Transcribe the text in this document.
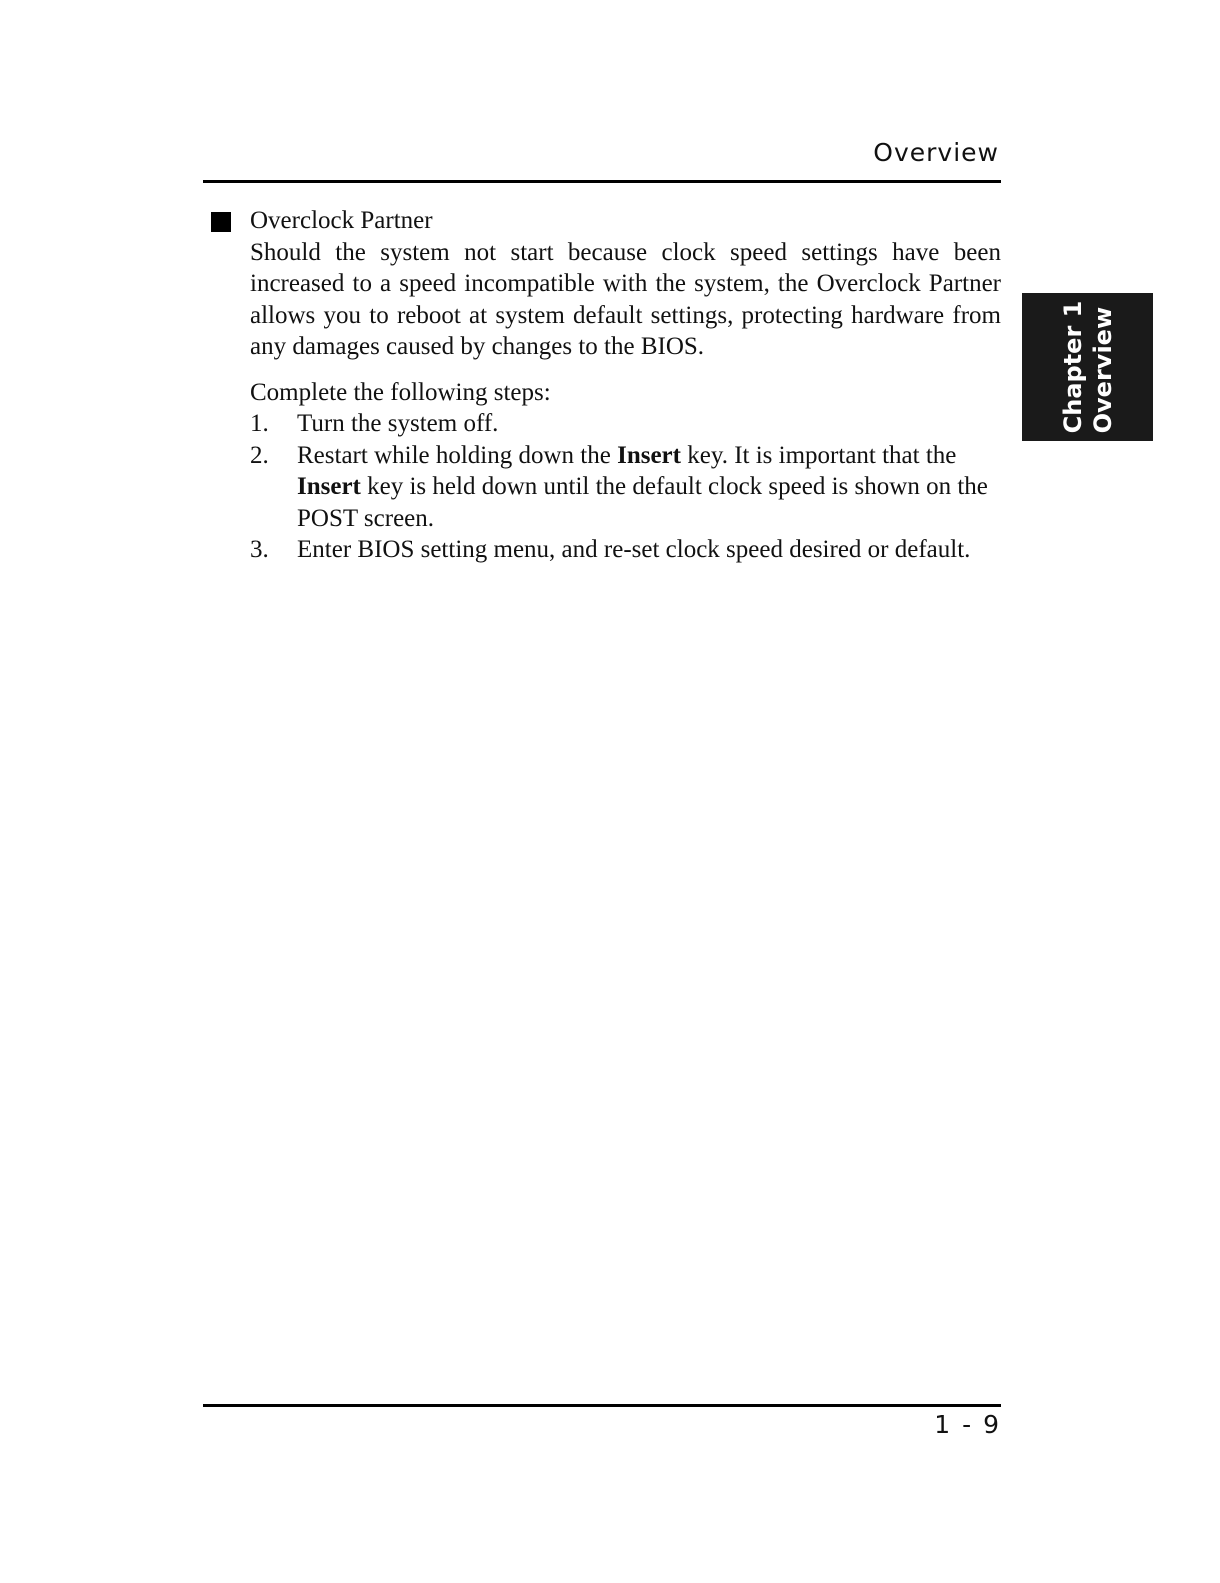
Overview
Chapter 1 Overview
Overclock Partner
Should the system not start because clock speed settings have been increased to a speed incompatible with the system, the Overclock Partner allows you to reboot at system default settings, protecting hardware from any damages caused by changes to the BIOS.
Complete the following steps:
1. Turn the system off.
2. Restart while holding down the Insert key. It is important that the Insert key is held down until the default clock speed is shown on the POST screen.
3. Enter BIOS setting menu, and re-set clock speed desired or default.
1 - 9
